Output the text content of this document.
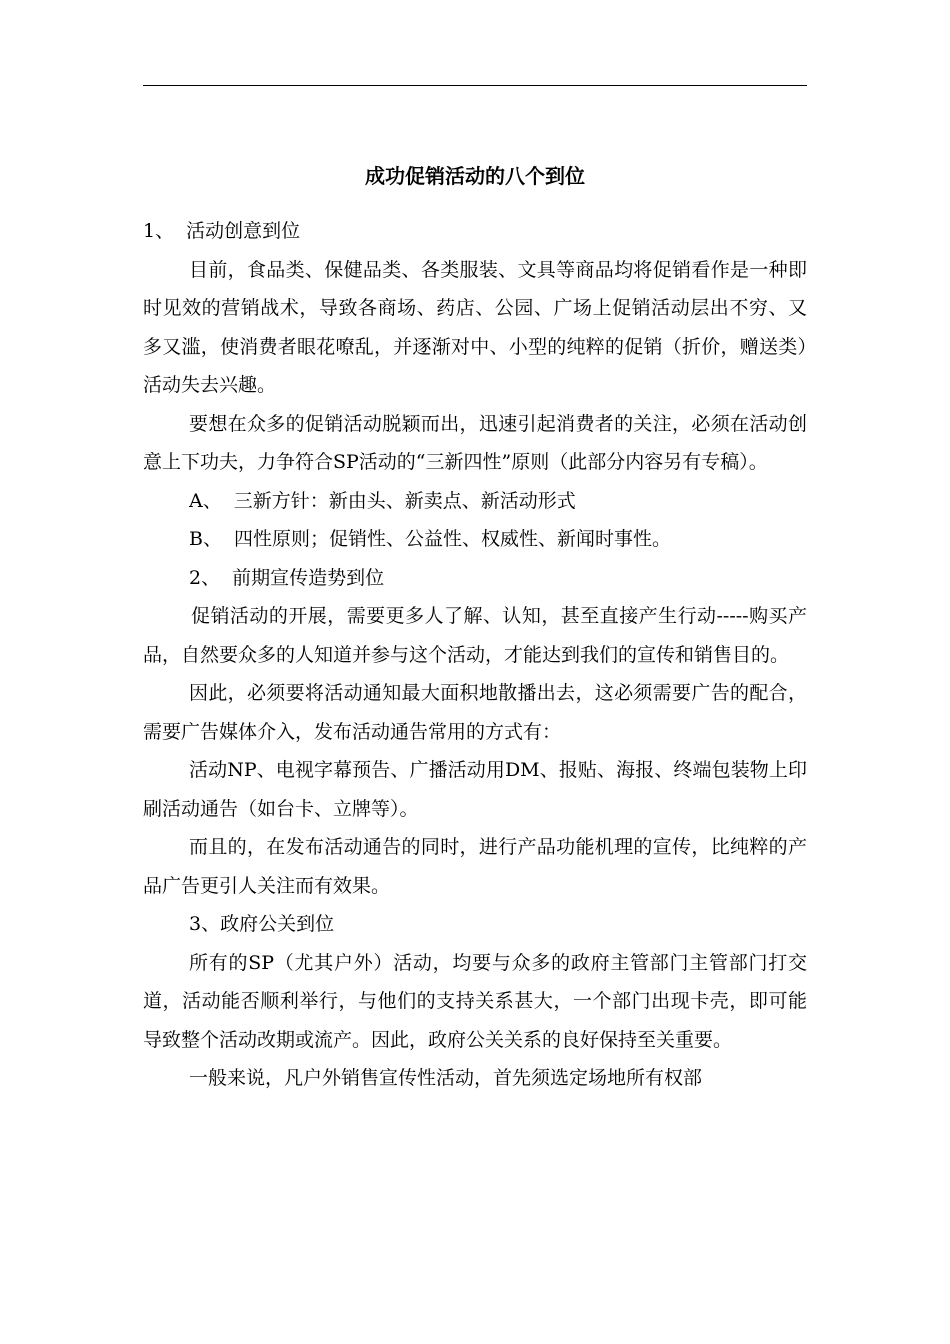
成功促销活动的八个到位

1、  活动创意到位

目前，食品类、保健品类、各类服装、文具等商品均将促销看作是一种即时见效的营销战术，导致各商场、药店、公园、广场上促销活动层出不穷、又多又滥，使消费者眼花嘹乱，并逐渐对中、小型的纯粹的促销（折价，赠送类）活动失去兴趣。

要想在众多的促销活动脱颖而出，迅速引起消费者的关注，必须在活动创意上下功夫，力争符合SP活动的“三新四性”原则（此部分内容另有专稿）。

A、  三新方针：新由头、新卖点、新活动形式

B、  四性原则；促销性、公益性、权威性、新闻时事性。

2、  前期宣传造势到位

促销活动的开展，需要更多人了解、认知，甚至直接产生行动-----购买产品，自然要众多的人知道并参与这个活动，才能达到我们的宣传和销售目的。

因此，必须要将活动通知最大面积地散播出去，这必须需要广告的配合，需要广告媒体介入，发布活动通告常用的方式有：

活动NP、电视字幕预告、广播活动用DM、报贴、海报、终端包装物上印刷活动通告（如台卡、立牌等）。

而且的，在发布活动通告的同时，进行产品功能机理的宣传，比纯粹的产品广告更引人关注而有效果。

3、政府公关到位

所有的SP（尤其户外）活动，均要与众多的政府主管部门主管部门打交道，活动能否顺利举行，与他们的支持关系甚大，一个部门出现卡壳，即可能导致整个活动改期或流产。因此，政府公关关系的良好保持至关重要。

一般来说，凡户外销售宣传性活动，首先须选定场地所有权部
